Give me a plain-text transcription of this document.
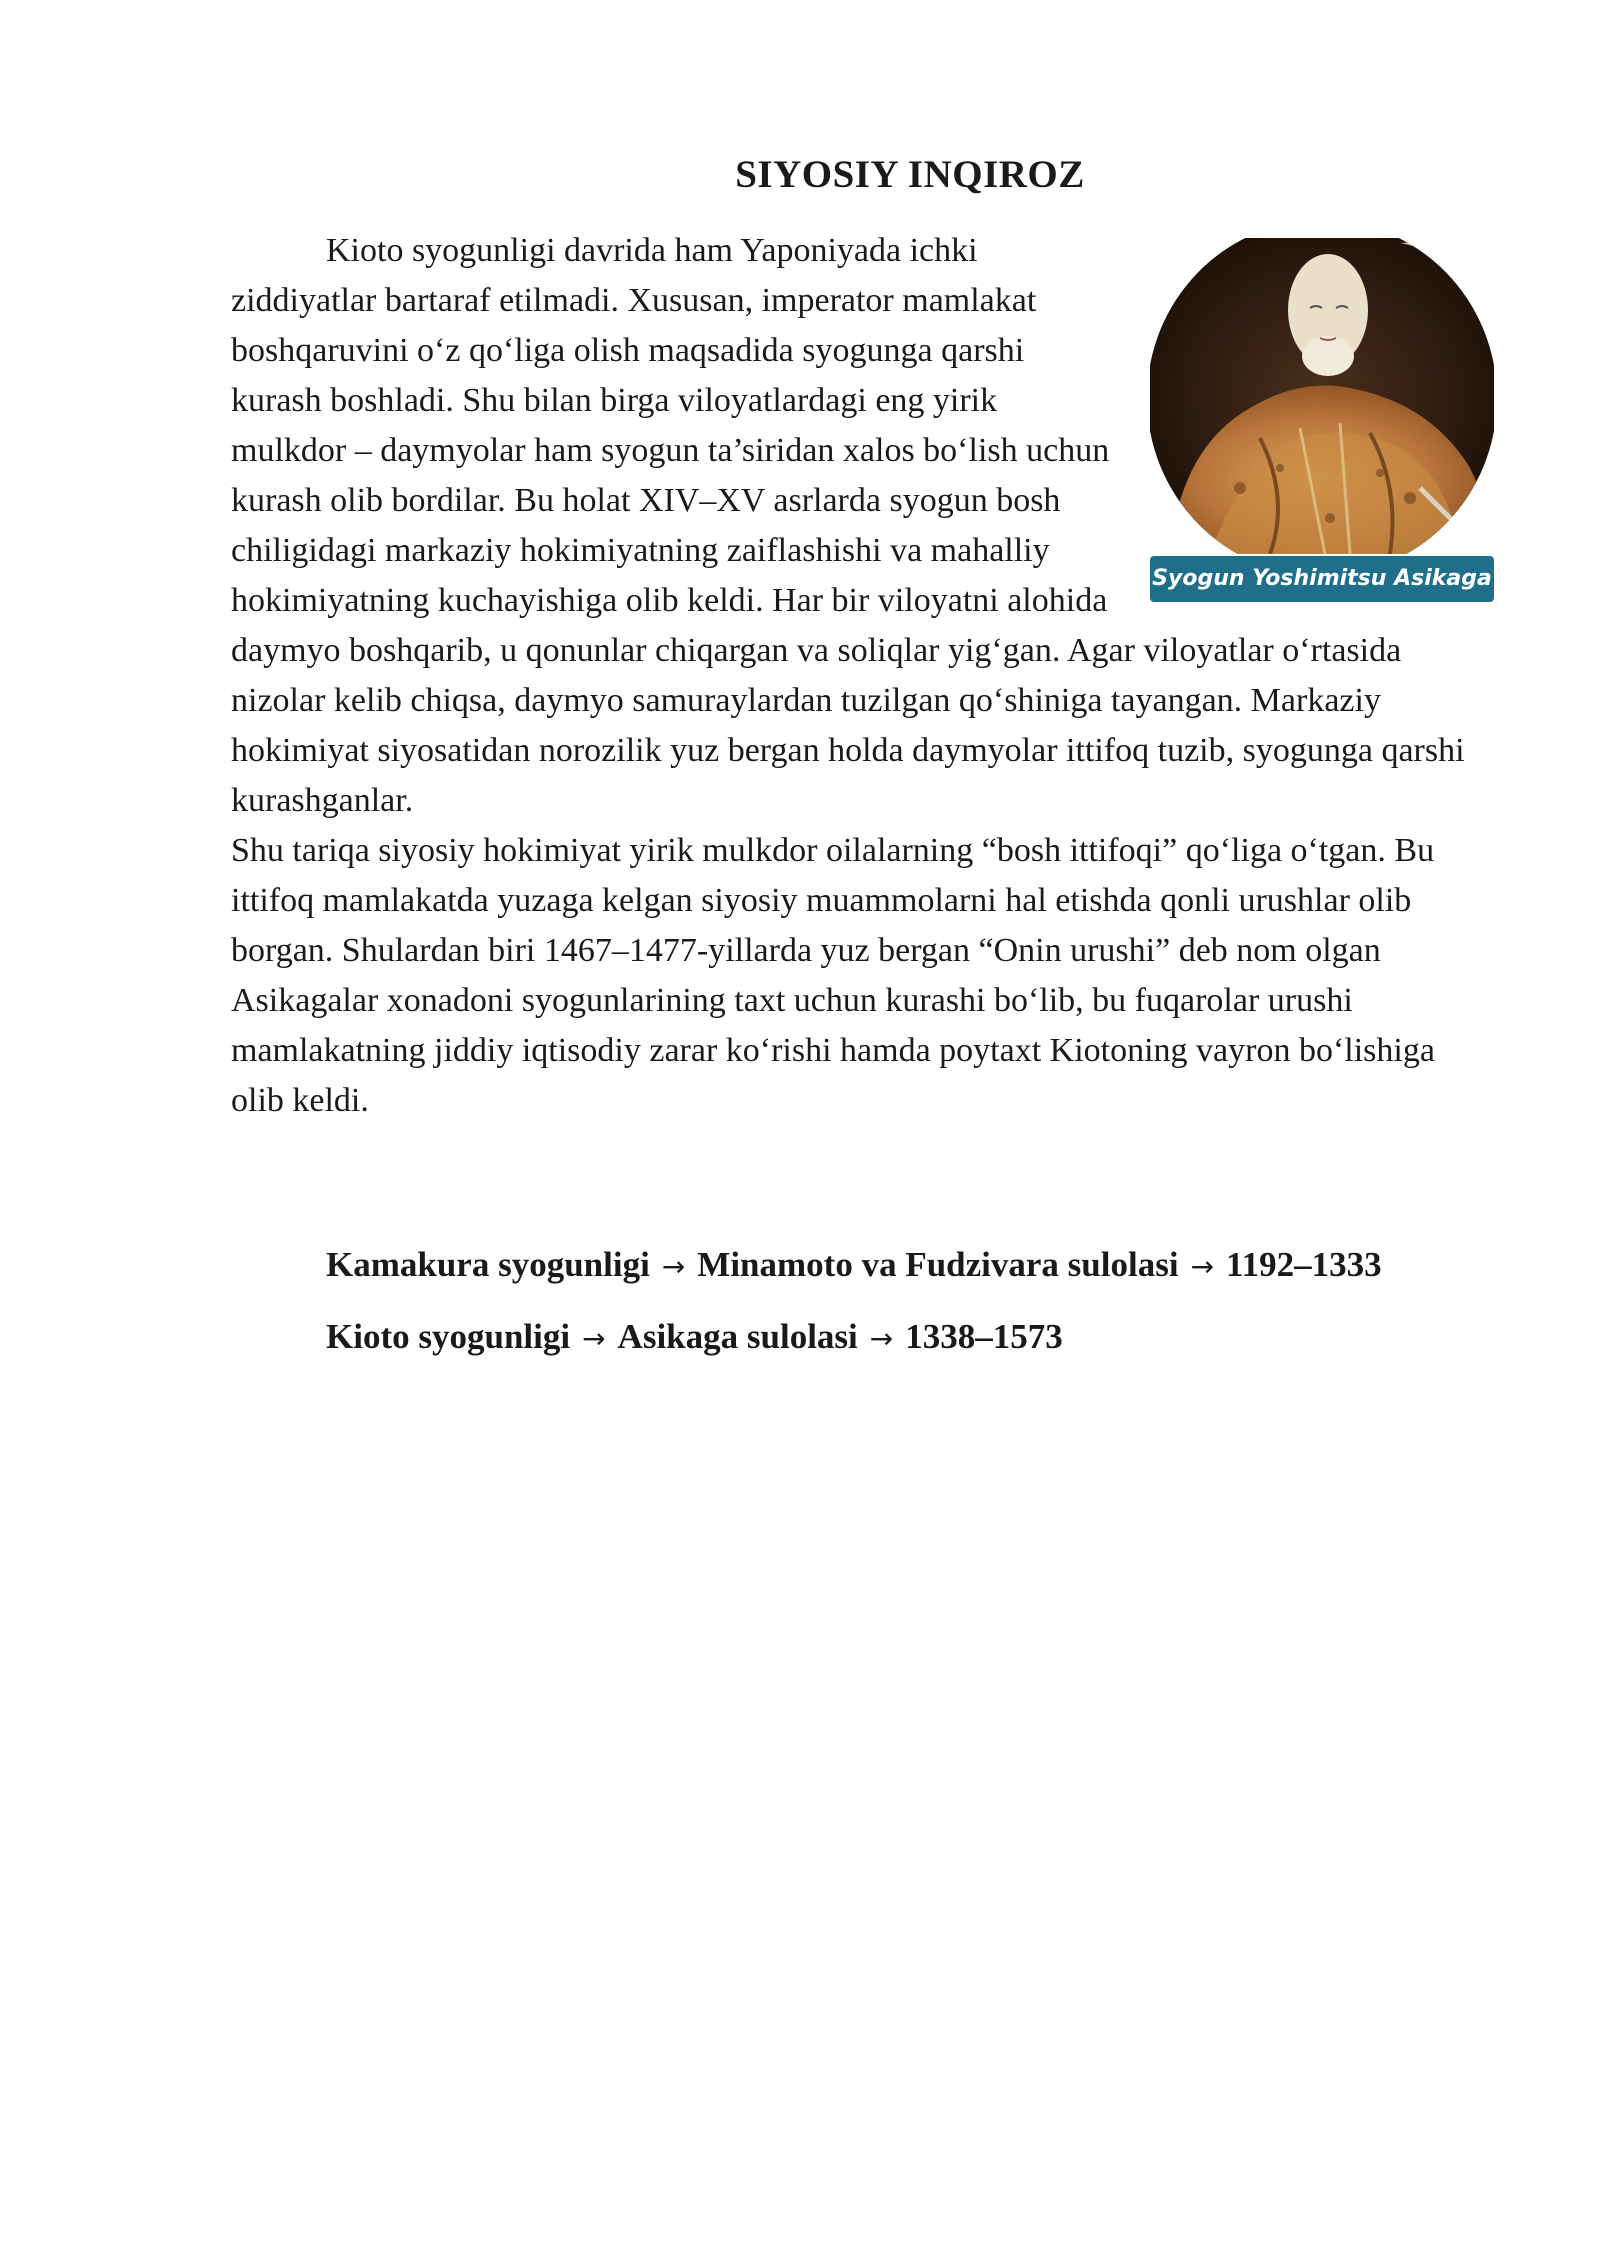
SIYOSIY INQIROZ
Syogun Yoshimitsu Asikaga

Kioto syogunligi davrida ham Yaponiyada ichki ziddiyatlar bartaraf etilmadi. Xususan, imperator mamlakat boshqaruvini o‘z qo‘liga olish maqsadida syogunga qarshi kurash boshladi. Shu bilan birga viloyatlardagi eng yirik mulkdor – daymyolar ham syogun ta’siridan xalos bo‘lish uchun kurash olib bordilar. Bu holat XIV–XV asrlarda syogun bosh chiligidagi markaziy hokimiyatning zaiflashishi va mahalliy hokimiyatning kuchayishiga olib keldi. Har bir viloyatni alohida daymyo boshqarib, u qonunlar chiqargan va soliqlar yig‘gan. Agar viloyatlar o‘rtasida nizolar kelib chiqsa, daymyo samuraylardan tuzilgan qo‘shiniga tayangan. Markaziy hokimiyat siyosatidan norozilik yuz bergan holda daymyolar ittifoq tuzib, syogunga qarshi kurashganlar.

Shu tariqa siyosiy hokimiyat yirik mulkdor oilalarning “bosh ittifoqi” qo‘liga o‘tgan. Bu ittifoq mamlakatda yuzaga kelgan siyosiy muammolarni hal etishda qonli urushlar olib borgan. Shulardan biri 1467–1477-yillarda yuz bergan “Onin urushi” deb nom olgan Asikagalar xonadoni syogunlarining taxt uchun kurashi bo‘lib, bu fuqarolar urushi mamlakatning jiddiy iqtisodiy zarar ko‘rishi hamda poytaxt Kiotoning vayron bo‘lishiga olib keldi.

Kamakura syogunligi → Minamoto va Fudzivara sulolasi → 1192–1333

Kioto syogunligi → Asikaga sulolasi → 1338–1573
